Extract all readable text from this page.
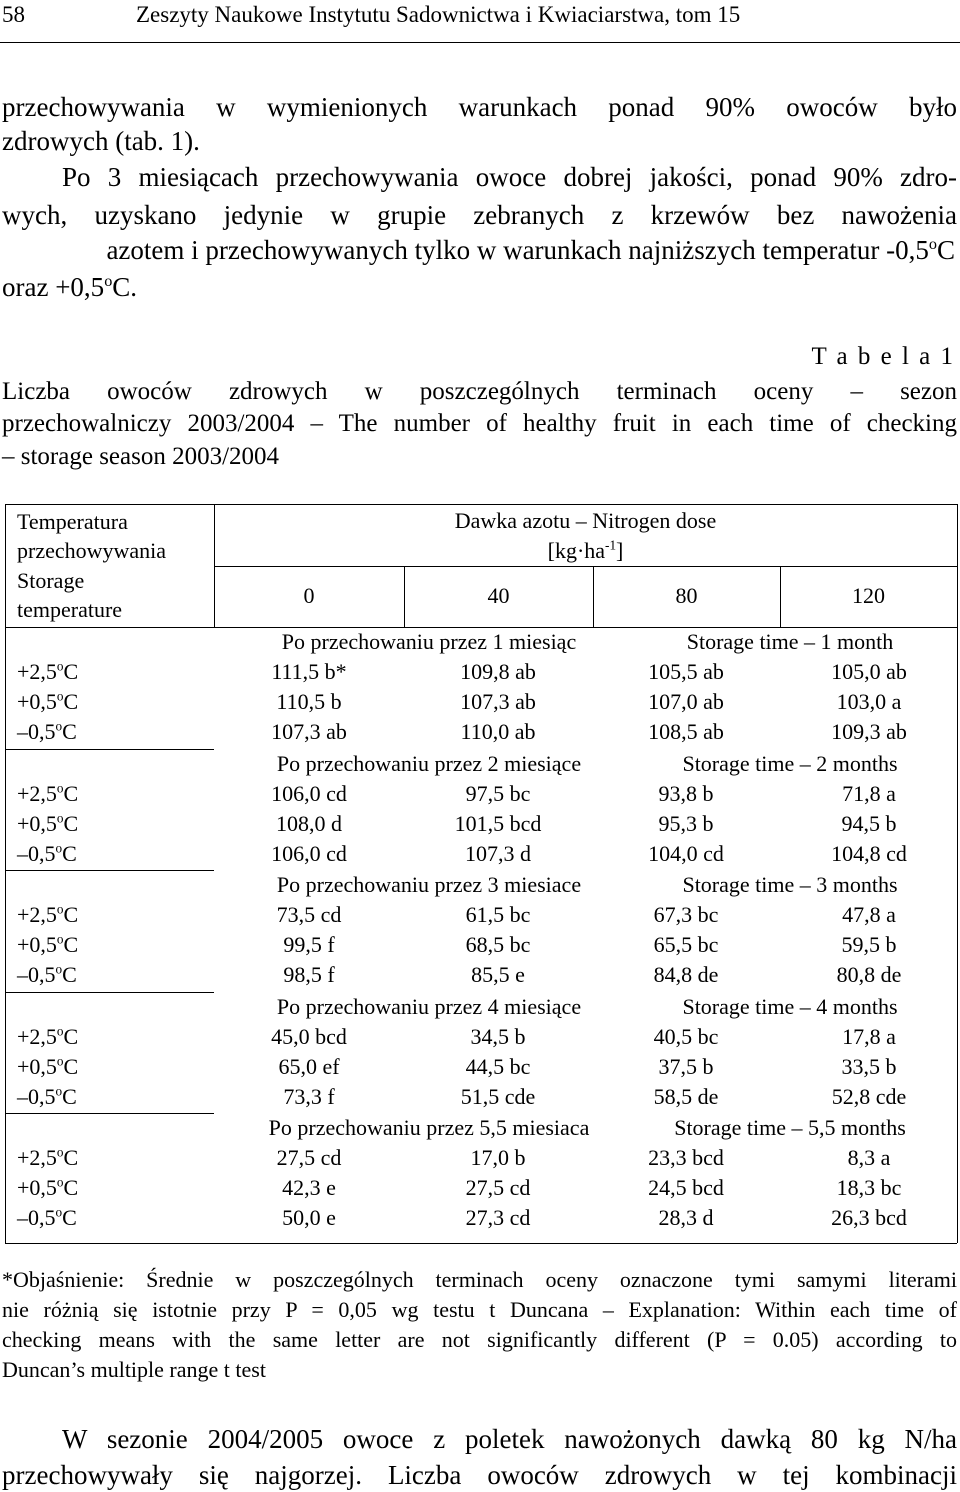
58	Zeszyty Naukowe Instytutu Sadownictwa i Kwiaciarstwa, tom 15
przechowywania w wymienionych warunkach ponad 90% owoców było
zdrowych (tab. 1).
Po 3 miesiącach przechowywania owoce dobrej jakości, ponad 90% zdro-
wych, uzyskano jedynie w grupie zebranych z krzewów bez nawożenia
azotem i przechowywanych tylko w warunkach najniższych temperatur -0,5$^o$C
oraz $+0,5^oC$.
T a b e l a 1
Liczba owoców zdrowych w poszczególnych terminach oceny – sezon
przechowalniczy 2003/2004 – The number of healthy fruit in each time of checking
– storage season 2003/2004
Temperatura
przechowywania
Storage
temperature
Dawka azotu – Nitrogen dose
$[kg\cdot ha^{-1}]$
0	40	80	120
Po przechowaniu przez 1 miesiąc	Storage time – 1 month
$+2,5^oC$	111,5 b*	109,8 ab	105,5 ab	105,0 ab
$+0,5^oC$	110,5 b	107,3 ab	107,0 ab	103,0 a
–0,5$^o$C	107,3 ab	110,0 ab	108,5 ab	109,3 ab
Po przechowaniu przez 2 miesiące	Storage time – 2 months
$+2,5^oC$	106,0 cd	97,5 bc	93,8 b	71,8 a
$+0,5^oC$	108,0 d	101,5 bcd	95,3 b	94,5 b
–0,5$^o$C	106,0 cd	107,3 d	104,0 cd	104,8 cd
Po przechowaniu przez 3 miesiace	Storage time – 3 months
$+2,5^oC$	73,5 cd	61,5 bc	67,3 bc	47,8 a
$+0,5^oC$	99,5 f	68,5 bc	65,5 bc	59,5 b
–0,5$^o$C	98,5 f	85,5 e	84,8 de	80,8 de
Po przechowaniu przez 4 miesiące	Storage time – 4 months
$+2,5^oC$	45,0 bcd	34,5 b	40,5 bc	17,8 a
$+0,5^oC$	65,0 ef	44,5 bc	37,5 b	33,5 b
–0,5$^o$C	73,3 f	51,5 cde	58,5 de	52,8 cde
Po przechowaniu przez 5,5 miesiaca	Storage time – 5,5 months
$+2,5^oC$	27,5 cd	17,0 b	23,3 bcd	8,3 a
$+0,5^oC$	42,3 e	27,5 cd	24,5 bcd	18,3 bc
–0,5$^o$C	50,0 e	27,3 cd	28,3 d	26,3 bcd
*Objaśnienie: Średnie w poszczególnych terminach oceny oznaczone tymi samymi literami
nie różnią się istotnie przy P = 0,05 wg testu t Duncana – Explanation: Within each time of
checking means with the same letter are not significantly different (P = 0.05) according to
Duncan’s multiple range t test
W sezonie 2004/2005 owoce z poletek nawożonych dawką 80 kg N/ha
przechowywały się najgorzej. Liczba owoców zdrowych w tej kombinacji
